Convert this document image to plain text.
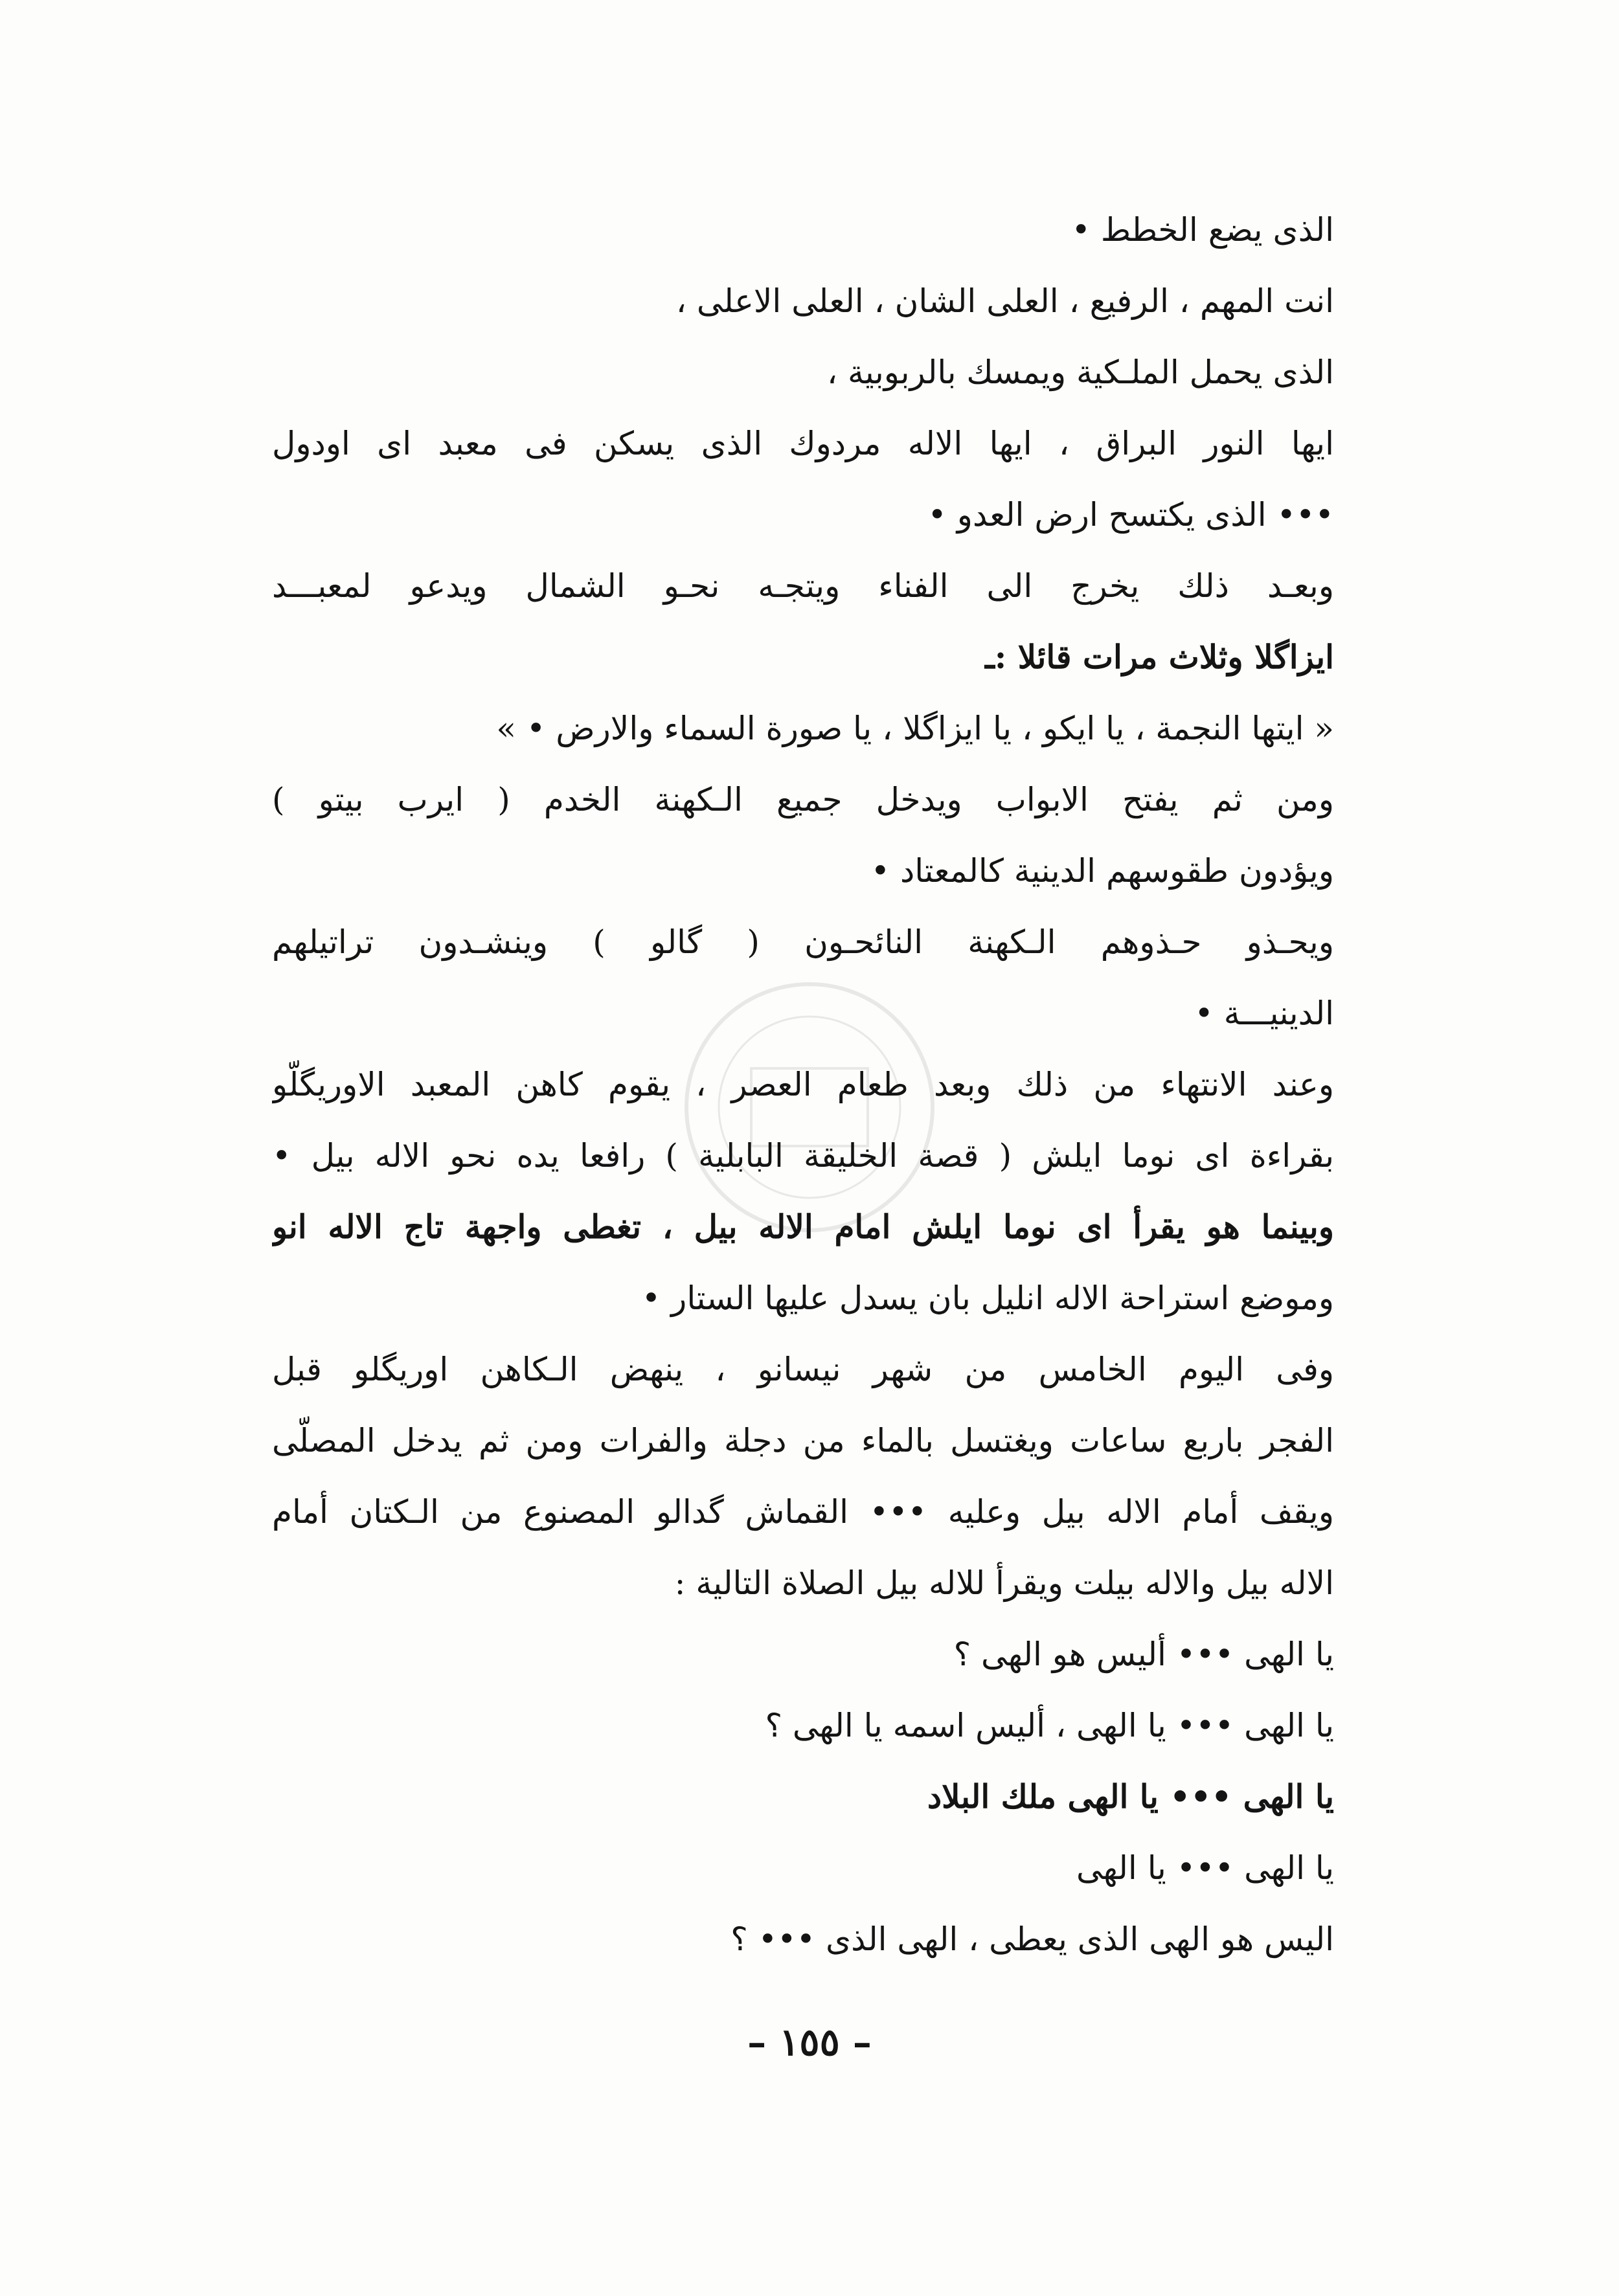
الذى يضع الخطط •
انت المهم ، الرفيع ، العلى الشان ، العلى الاعلى ،
الذى يحمل الملـكية ويمسك بالربوبية ،
ايها النور البراق ، ايها الاله مردوك الذى يسكن فى معبد اى اودول
••• الذى يكتسح ارض العدو •
وبعـد ذلك يخرج الى الفناء ويتجـه نحـو الشمال ويدعو لمعبـــد
ايزاگلا وثلاث مرات قائلا :ـ
« ايتها النجمة ، يا ايكو ، يا ايزاگلا ، يا صورة السماء والارض • »
ومن ثم يفتح الابواب ويدخل جميع الـكهنة الخدم ( ايرب بيتو )
ويؤدون طقوسهم الدينية كالمعتاد •
ويحـذو حـذوهم الـكهنة النائحـون ( گالو ) وينشـدون تراتيلهم
الدينيـــة •
وعند الانتهاء من ذلك وبعد طعام العصر ، يقوم كاهن المعبد الاوريگلّو
بقراءة اى نوما ايلش ( قصة الخليقة البابلية ) رافعا يده نحو الاله بيل •
وبينما هو يقرأ اى نوما ايلش امام الاله بيل ، تغطى واجهة تاج الاله انو
وموضع استراحة الاله انليل بان يسدل عليها الستار •
وفى اليوم الخامس من شهر نيسانو ، ينهض الـكاهن اوريگلو قبل
الفجر باربع ساعات ويغتسل بالماء من دجلة والفرات ومن ثم يدخل المصلّى
ويقف أمام الاله بيل وعليه ••• القماش گدالو المصنوع من الـكتان أمام
الاله بيل والاله بيلت ويقرأ للاله بيل الصلاة التالية :
يا الهى ••• أليس هو الهى ؟
يا الهى ••• يا الهى ، أليس اسمه يا الهى ؟
يا الهى ••• يا الهى ملك البلاد
يا الهى ••• يا الهى
اليس هو الهى الذى يعطى ، الهى الذى ••• ؟
– ١٥٥ –
